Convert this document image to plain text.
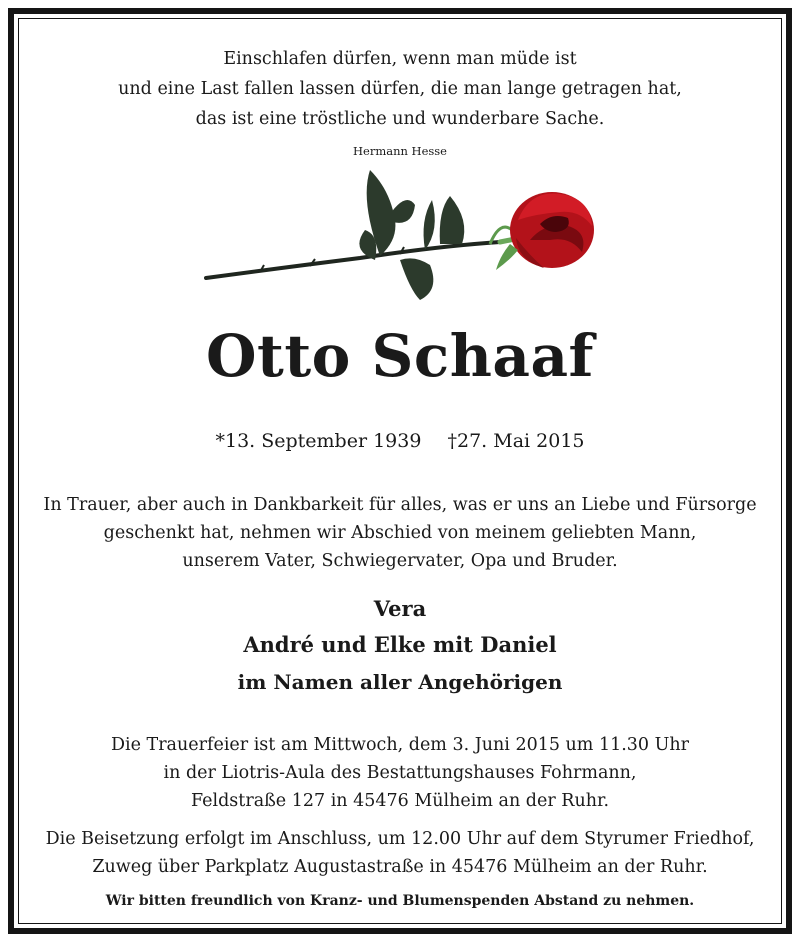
Einschlafen dürfen, wenn man müde ist
und eine Last fallen lassen dürfen, die man lange getragen hat,
das ist eine tröstliche und wunderbare Sache.
Hermann Hesse
Otto Schaaf
*13. September 1939 †27. Mai 2015
In Trauer, aber auch in Dankbarkeit für alles, was er uns an Liebe und Fürsorge
geschenkt hat, nehmen wir Abschied von meinem geliebten Mann,
unserem Vater, Schwiegervater, Opa und Bruder.
Vera
André und Elke mit Daniel
im Namen aller Angehörigen
Die Trauerfeier ist am Mittwoch, dem 3. Juni 2015 um 11.30 Uhr
in der Liotris-Aula des Bestattungshauses Fohrmann,
Feldstraße 127 in 45476 Mülheim an der Ruhr.
Die Beisetzung erfolgt im Anschluss, um 12.00 Uhr auf dem Styrumer Friedhof,
Zuweg über Parkplatz Augustastraße in 45476 Mülheim an der Ruhr.
Wir bitten freundlich von Kranz- und Blumenspenden Abstand zu nehmen.
